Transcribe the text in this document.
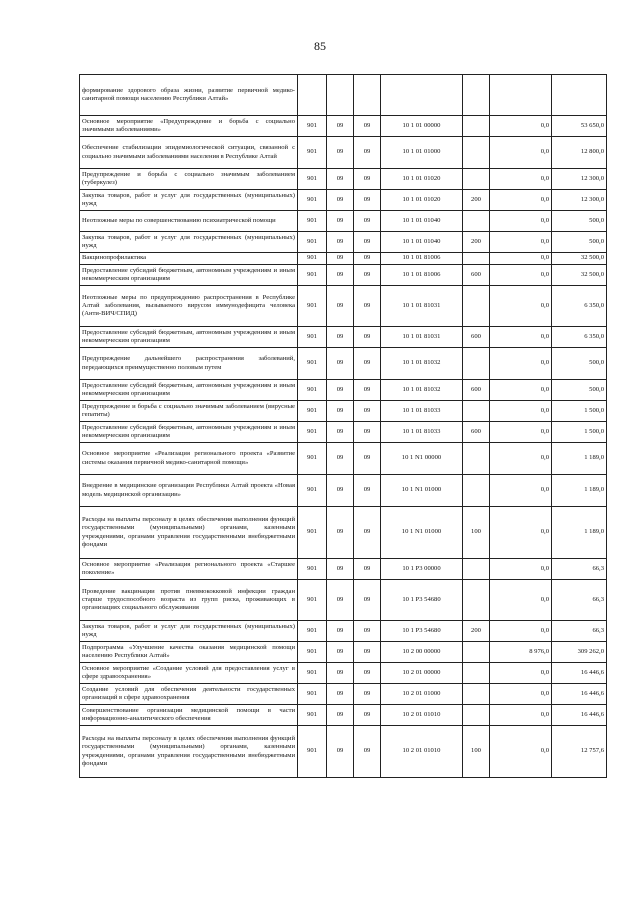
85
формирование здорового образа жизни, развитие первичной медико-санитарной помощи населению Республики Алтай»							
Основное мероприятие «Предупреждение и борьба с социально значимыми заболеваниями»	901	09	09	10 1 01 00000		0,0	53 650,0
Обеспечение стабилизации эпидемиологической ситуации, связанной с социально значимыми заболеваниями населения в Республике Алтай	901	09	09	10 1 01 01000		0,0	12 800,0
Предупреждение и борьба с социально значимым заболеванием (туберкулез)	901	09	09	10 1 01 01020		0,0	12 300,0
Закупка товаров, работ и услуг для государственных (муниципальных) нужд	901	09	09	10 1 01 01020	200	0,0	12 300,0
Неотложные меры по совершенствованию психиатрической помощи	901	09	09	10 1 01 01040		0,0	500,0
Закупка товаров, работ и услуг для государственных (муниципальных) нужд	901	09	09	10 1 01 01040	200	0,0	500,0
Вакцинопрофилактика	901	09	09	10 1 01 81006		0,0	32 500,0
Предоставление субсидий бюджетным, автономным учреждениям и иным некоммерческим организациям	901	09	09	10 1 01 81006	600	0,0	32 500,0
Неотложные меры по предупреждению распространения в Республике Алтай заболевания, вызываемого вирусом иммунодефицита человека (Анти-ВИЧ/СПИД)	901	09	09	10 1 01 81031		0,0	6 350,0
Предоставление субсидий бюджетным, автономным учреждениям и иным некоммерческим организациям	901	09	09	10 1 01 81031	600	0,0	6 350,0
Предупреждение дальнейшего распространения заболеваний, передающихся преимущественно половым путем	901	09	09	10 1 01 81032		0,0	500,0
Предоставление субсидий бюджетным, автономным учреждениям и иным некоммерческим организациям	901	09	09	10 1 01 81032	600	0,0	500,0
Предупреждение и борьба с социально значимым заболеванием (вирусные гепатиты)	901	09	09	10 1 01 81033		0,0	1 500,0
Предоставление субсидий бюджетным, автономным учреждениям и иным некоммерческим организациям	901	09	09	10 1 01 81033	600	0,0	1 500,0
Основное мероприятие «Реализация регионального проекта «Развитие системы оказания первичной медико-санитарной помощи»	901	09	09	10 1 N1 00000		0,0	1 189,0
Внедрение в медицинские организации Республики Алтай проекта «Новая модель медицинской организации»	901	09	09	10 1 N1 01000		0,0	1 189,0
Расходы на выплаты персоналу в целях обеспечения выполнения функций государственными (муниципальными) органами, казенными учреждениями, органами управления государственными внебюджетными фондами	901	09	09	10 1 N1 01000	100	0,0	1 189,0
Основное мероприятие «Реализация регионального проекта «Старшее поколение»	901	09	09	10 1 P3 00000		0,0	66,3
Проведение вакцинации против пневмококковой инфекции граждан старше трудоспособного возраста из групп риска, проживающих в организациях социального обслуживания	901	09	09	10 1 P3 54680		0,0	66,3
Закупка товаров, работ и услуг для государственных (муниципальных) нужд	901	09	09	10 1 P3 54680	200	0,0	66,3
Подпрограмма «Улучшение качества оказания медицинской помощи населению Республики Алтай»	901	09	09	10 2 00 00000		8 976,0	309 262,0
Основное мероприятие «Создание условий для предоставления услуг в сфере здравоохранения»	901	09	09	10 2 01 00000		0,0	16 446,6
Создание условий для обеспечения деятельности государственных организаций в сфере здравоохранения	901	09	09	10 2 01 01000		0,0	16 446,6
Совершенствование организации медицинской помощи в части информационно-аналитического обеспечения	901	09	09	10 2 01 01010		0,0	16 446,6
Расходы на выплаты персоналу в целях обеспечения выполнения функций государственными (муниципальными) органами, казенными учреждениями, органами управления государственными внебюджетными фондами	901	09	09	10 2 01 01010	100	0,0	12 757,6
